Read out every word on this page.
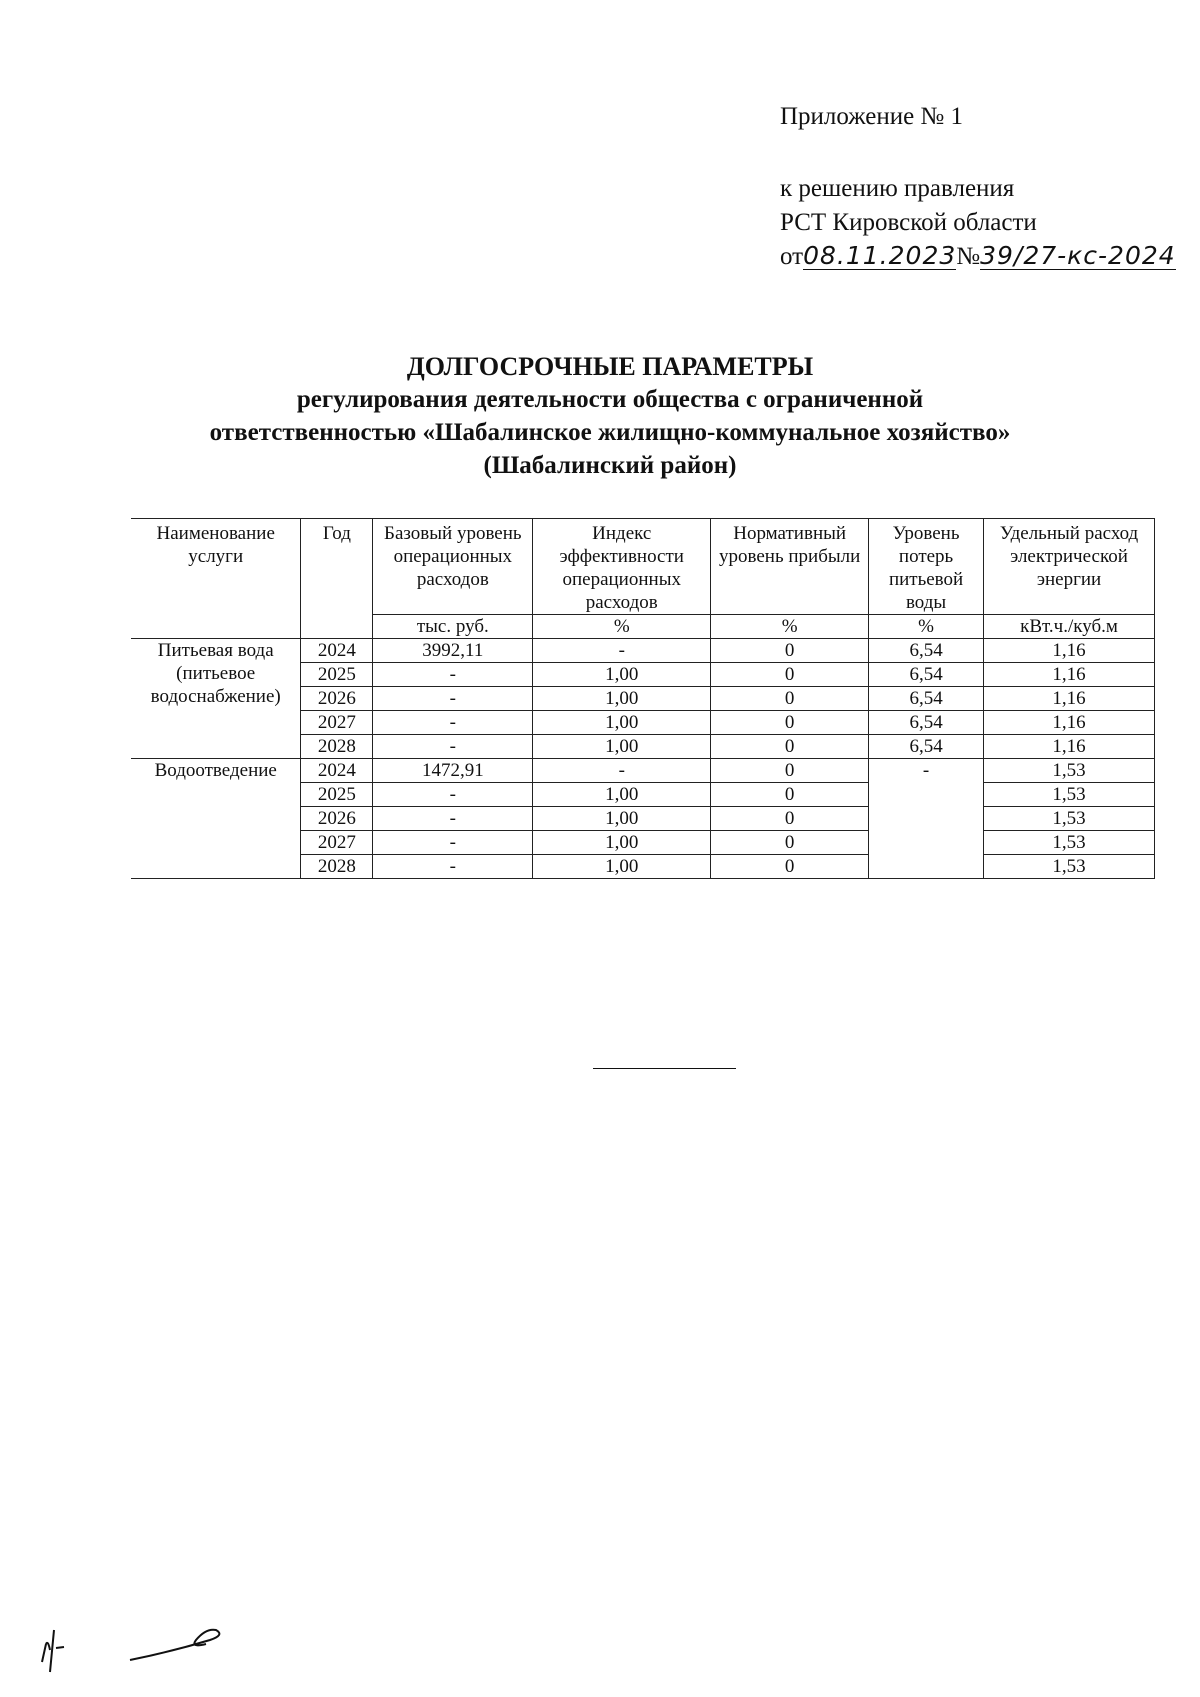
Приложение № 1
к решению правления
РСТ Кировской области
от08.11.2023№39/27-кс-2024
ДОЛГОСРОЧНЫЕ ПАРАМЕТРЫ
регулирования деятельности общества с ограниченной
ответственностью «Шабалинское жилищно-коммунальное хозяйство»
(Шабалинский район)
Наименование услуги	Год	Базовый уровень операционных расходов	Индекс эффективности операционных расходов	Нормативный уровень прибыли	Уровень потерь питьевой воды	Удельный расход электрической энергии
		тыс. руб.	%	%	%	кВт.ч./куб.м
Питьевая вода (питьевое водоснабжение)	2024	3992,11	-	0	6,54	1,16
	2025	-	1,00	0	6,54	1,16
	2026	-	1,00	0	6,54	1,16
	2027	-	1,00	0	6,54	1,16
	2028	-	1,00	0	6,54	1,16
Водоотведение	2024	1472,91	-	0	-	1,53
	2025	-	1,00	0		1,53
	2026	-	1,00	0		1,53
	2027	-	1,00	0		1,53
	2028	-	1,00	0		1,53
